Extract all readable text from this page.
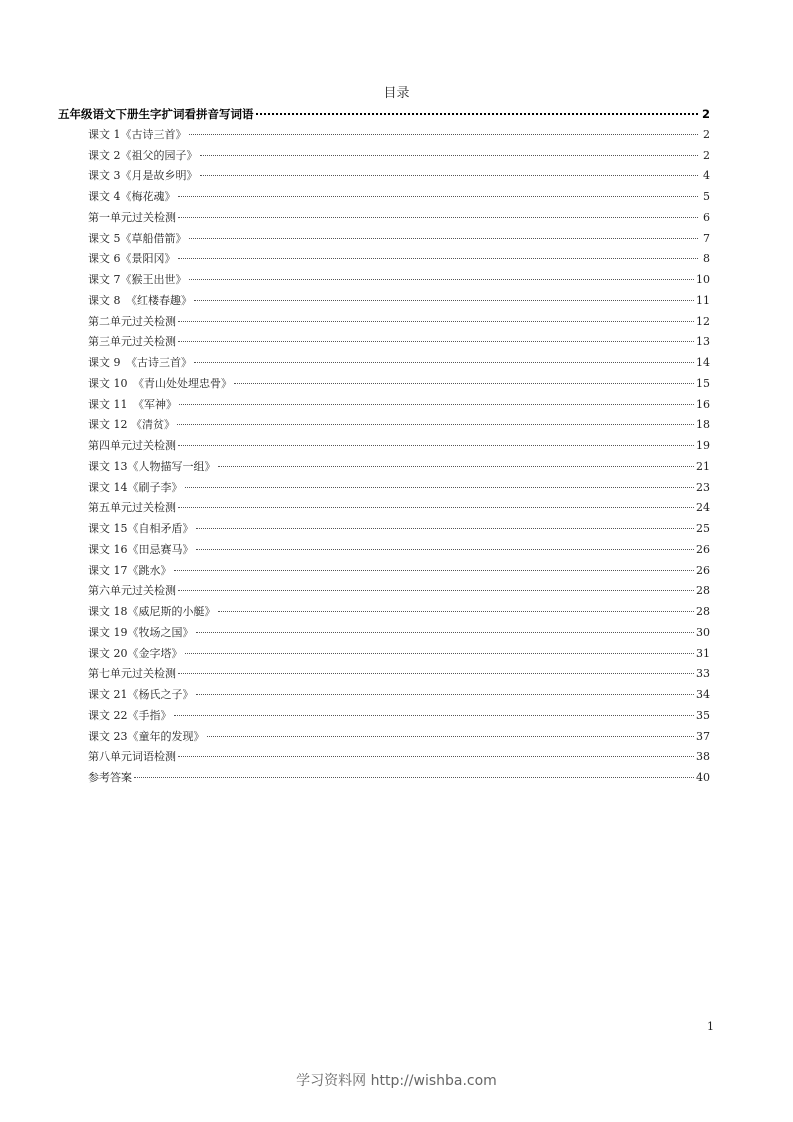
目录
五年级语文下册生字扩词看拼音写词语	2
课文 1《古诗三首》	2
课文 2《祖父的园子》	2
课文 3《月是故乡明》	4
课文 4《梅花魂》	5
第一单元过关检测	6
课文 5《草船借箭》	7
课文 6《景阳冈》	8
课文 7《猴王出世》	10
课文 8　《红楼春趣》	11
第二单元过关检测	12
第三单元过关检测	13
课文 9　《古诗三首》	14
课文 10　《青山处处埋忠骨》	15
课文 11　《军神》	16
课文 12 《清贫》	18
第四单元过关检测	19
课文 13《人物描写一组》	21
课文 14《刷子李》	23
第五单元过关检测	24
课文 15《自相矛盾》	25
课文 16《田忌赛马》	26
课文 17《跳水》	26
第六单元过关检测	28
课文 18《威尼斯的小艇》	28
课文 19《牧场之国》	30
课文 20《金字塔》	31
第七单元过关检测	33
课文 21《杨氏之子》	34
课文 22《手指》	35
课文 23《童年的发现》	37
第八单元词语检测	38
参考答案	40
1
学习资料网 http://wishba.com
